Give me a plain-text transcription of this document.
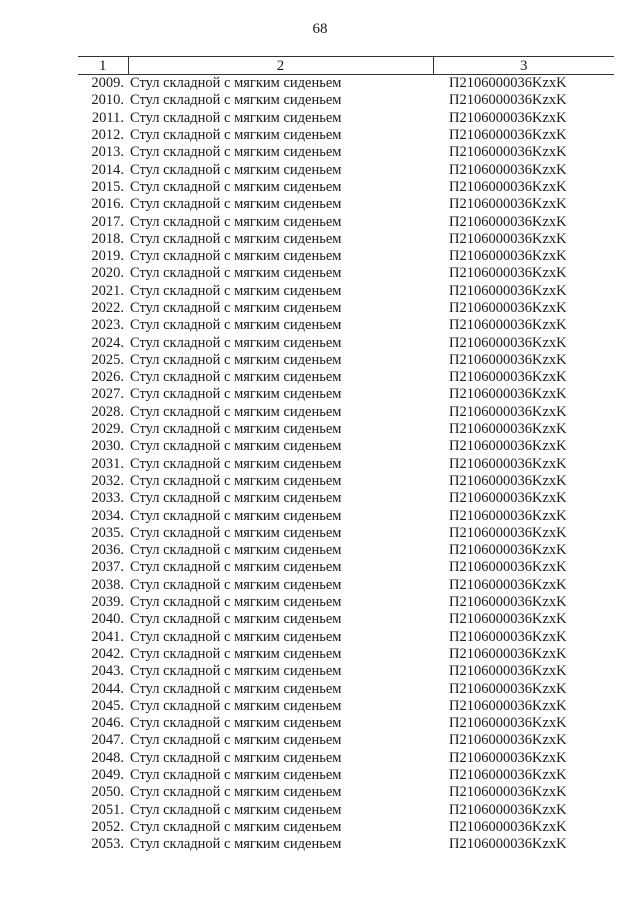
68
1	2	3
2009.	Стул складной с мягким сиденьем	П2106000036KzxK
2010.	Стул складной с мягким сиденьем	П2106000036KzxK
2011.	Стул складной с мягким сиденьем	П2106000036KzxK
2012.	Стул складной с мягким сиденьем	П2106000036KzxK
2013.	Стул складной с мягким сиденьем	П2106000036KzxK
2014.	Стул складной с мягким сиденьем	П2106000036KzxK
2015.	Стул складной с мягким сиденьем	П2106000036KzxK
2016.	Стул складной с мягким сиденьем	П2106000036KzxK
2017.	Стул складной с мягким сиденьем	П2106000036KzxK
2018.	Стул складной с мягким сиденьем	П2106000036KzxK
2019.	Стул складной с мягким сиденьем	П2106000036KzxK
2020.	Стул складной с мягким сиденьем	П2106000036KzxK
2021.	Стул складной с мягким сиденьем	П2106000036KzxK
2022.	Стул складной с мягким сиденьем	П2106000036KzxK
2023.	Стул складной с мягким сиденьем	П2106000036KzxK
2024.	Стул складной с мягким сиденьем	П2106000036KzxK
2025.	Стул складной с мягким сиденьем	П2106000036KzxK
2026.	Стул складной с мягким сиденьем	П2106000036KzxK
2027.	Стул складной с мягким сиденьем	П2106000036KzxK
2028.	Стул складной с мягким сиденьем	П2106000036KzxK
2029.	Стул складной с мягким сиденьем	П2106000036KzxK
2030.	Стул складной с мягким сиденьем	П2106000036KzxK
2031.	Стул складной с мягким сиденьем	П2106000036KzxK
2032.	Стул складной с мягким сиденьем	П2106000036KzxK
2033.	Стул складной с мягким сиденьем	П2106000036KzxK
2034.	Стул складной с мягким сиденьем	П2106000036KzxK
2035.	Стул складной с мягким сиденьем	П2106000036KzxK
2036.	Стул складной с мягким сиденьем	П2106000036KzxK
2037.	Стул складной с мягким сиденьем	П2106000036KzxK
2038.	Стул складной с мягким сиденьем	П2106000036KzxK
2039.	Стул складной с мягким сиденьем	П2106000036KzxK
2040.	Стул складной с мягким сиденьем	П2106000036KzxK
2041.	Стул складной с мягким сиденьем	П2106000036KzxK
2042.	Стул складной с мягким сиденьем	П2106000036KzxK
2043.	Стул складной с мягким сиденьем	П2106000036KzxK
2044.	Стул складной с мягким сиденьем	П2106000036KzxK
2045.	Стул складной с мягким сиденьем	П2106000036KzxK
2046.	Стул складной с мягким сиденьем	П2106000036KzxK
2047.	Стул складной с мягким сиденьем	П2106000036KzxK
2048.	Стул складной с мягким сиденьем	П2106000036KzxK
2049.	Стул складной с мягким сиденьем	П2106000036KzxK
2050.	Стул складной с мягким сиденьем	П2106000036KzxK
2051.	Стул складной с мягким сиденьем	П2106000036KzxK
2052.	Стул складной с мягким сиденьем	П2106000036KzxK
2053.	Стул складной с мягким сиденьем	П2106000036KzxK
